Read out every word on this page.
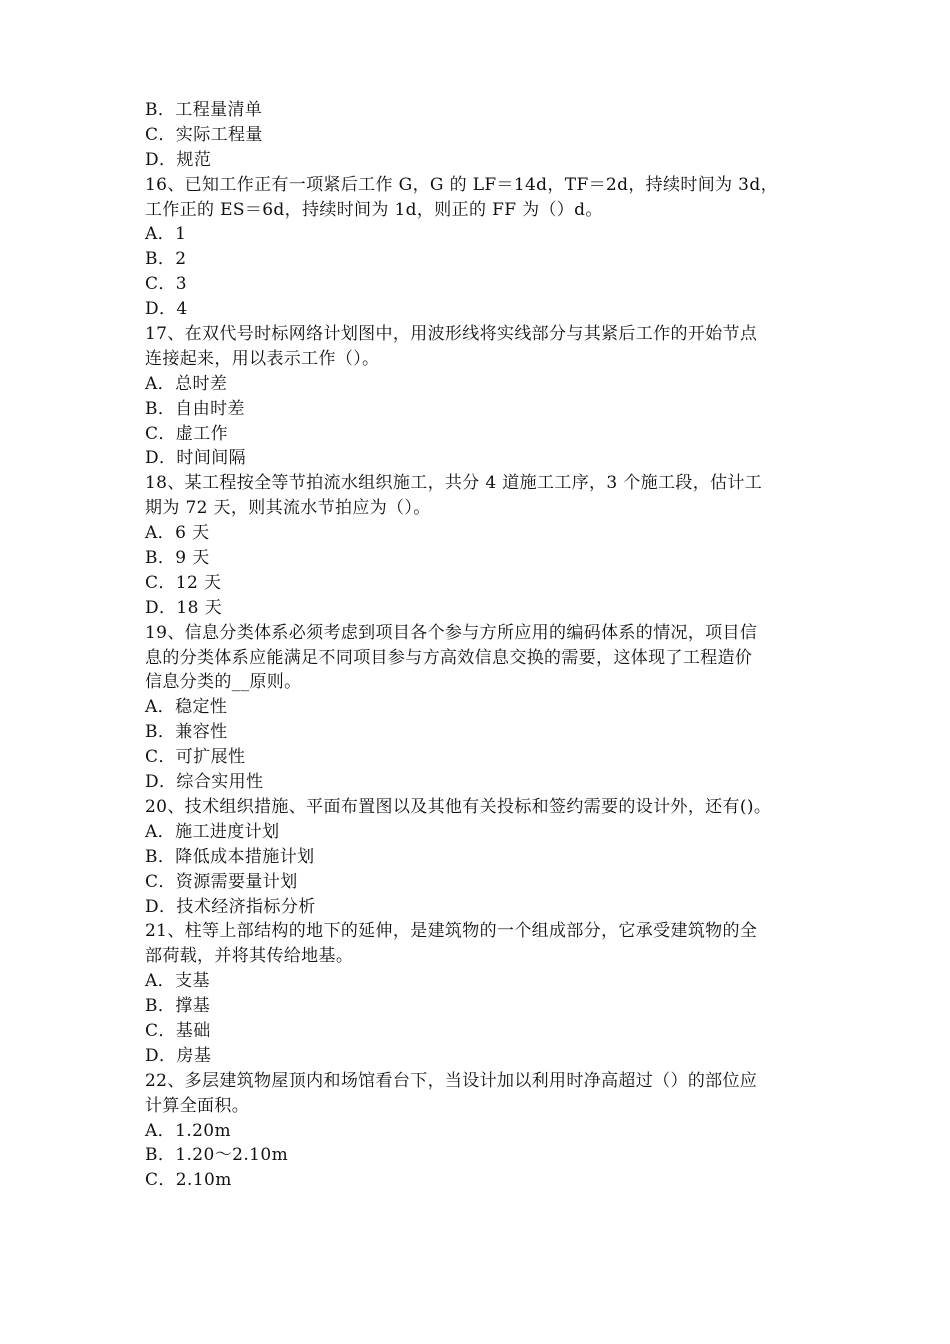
B．工程量清单
C．实际工程量
D．规范
16、已知工作正有一项紧后工作 G，G 的 LF＝14d，TF＝2d，持续时间为 3d，
工作正的 ES＝6d，持续时间为 1d，则正的 FF 为（）d。
A．1
B．2
C．3
D．4
17、在双代号时标网络计划图中，用波形线将实线部分与其紧后工作的开始节点
连接起来，用以表示工作（）。
A．总时差
B．自由时差
C．虚工作
D．时间间隔
18、某工程按全等节拍流水组织施工，共分 4 道施工工序，3 个施工段，估计工
期为 72 天，则其流水节拍应为（）。
A．6 天
B．9 天
C．12 天
D．18 天
19、信息分类体系必须考虑到项目各个参与方所应用的编码体系的情况，项目信
息的分类体系应能满足不同项目参与方高效信息交换的需要，这体现了工程造价
信息分类的__原则。
A．稳定性
B．兼容性
C．可扩展性
D．综合实用性
20、技术组织措施、平面布置图以及其他有关投标和签约需要的设计外，还有()。
A．施工进度计划
B．降低成本措施计划
C．资源需要量计划
D．技术经济指标分析
21、柱等上部结构的地下的延伸，是建筑物的一个组成部分，它承受建筑物的全
部荷载，并将其传给地基。
A．支基
B．撑基
C．基础
D．房基
22、多层建筑物屋顶内和场馆看台下，当设计加以利用时净高超过（）的部位应
计算全面积。
A．1.20m
B．1.20～2.10m
C．2.10m
